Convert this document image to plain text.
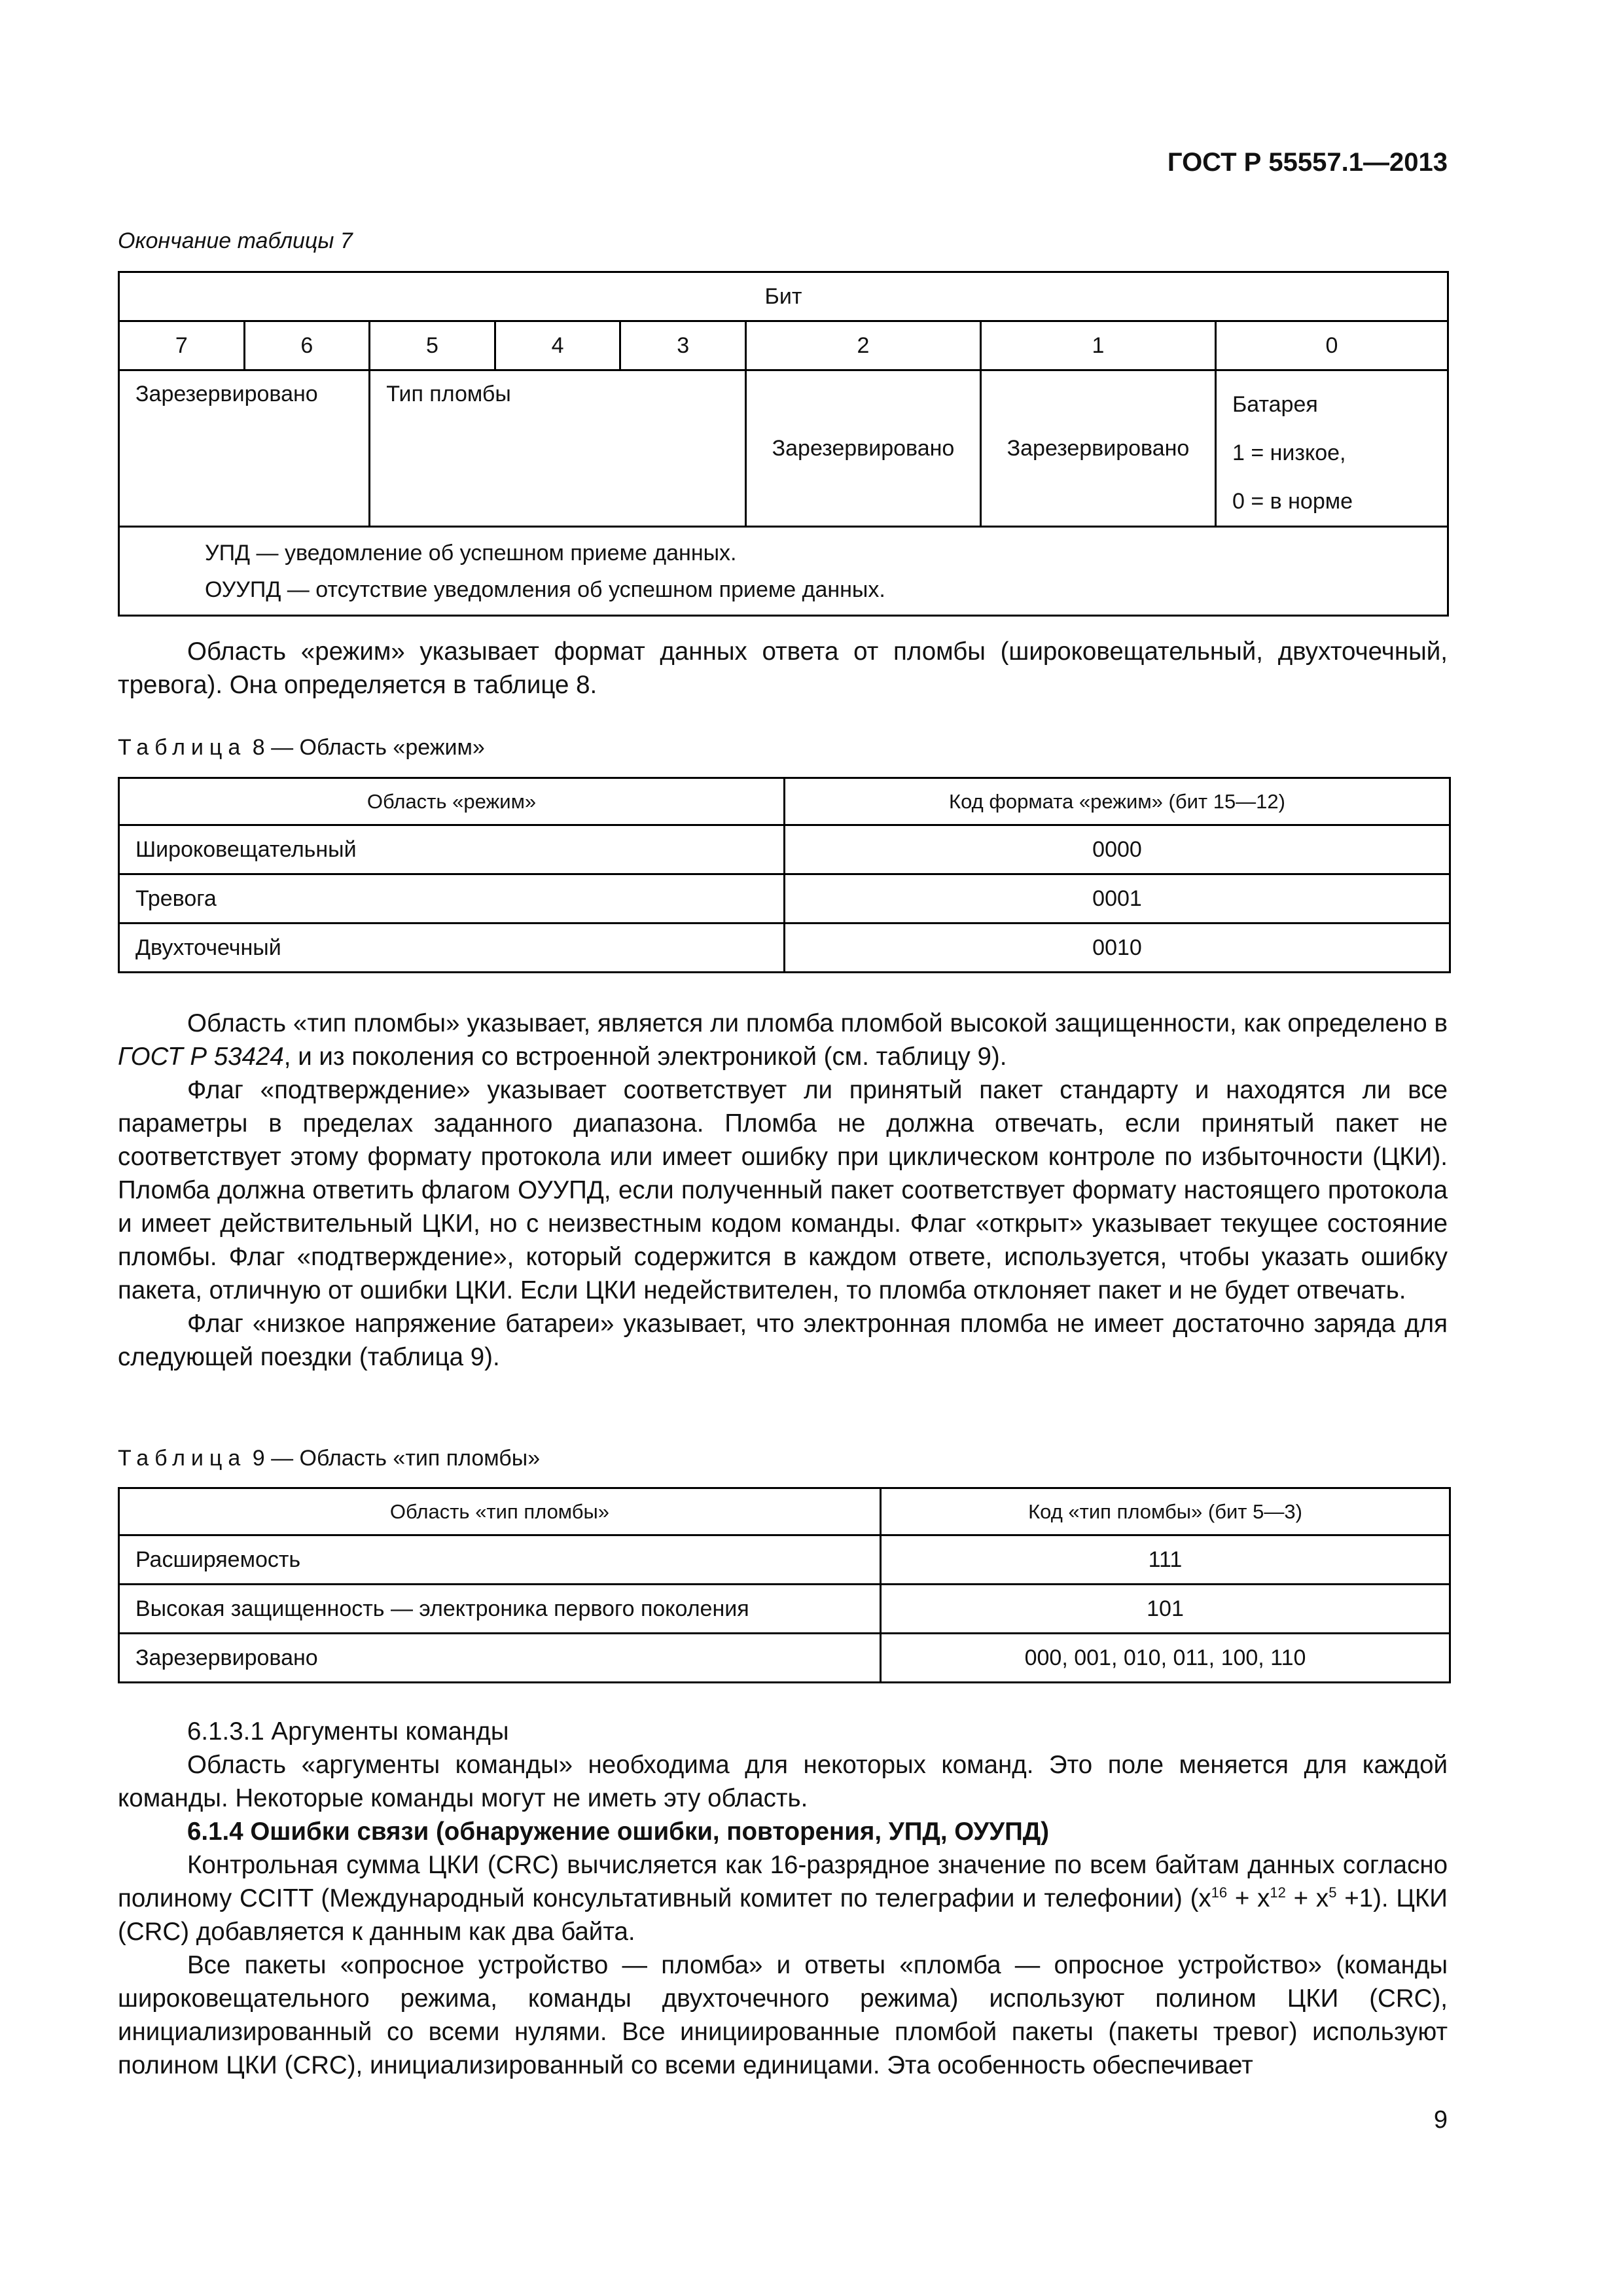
ГОСТ Р 55557.1—2013
Окончание таблицы 7
Бит							
7	6	5	4	3	2	1	0
Зарезервировано		Тип пломбы			Зарезервировано	Зарезервировано	Батарея
1 = низкое,
0 = в норме

УПД — уведомление об успешном приеме данных.
ОУУПД — отсутствие уведомления об успешном приеме данных.							

Область «режим» указывает формат данных ответа от пломбы (широковещательный, двухточечный, тревога). Она определяется в таблице 8.

Таблица 8 — Область «режим»
Область «режим»	Код формата «режим» (бит 15—12)
Широковещательный	0000
Тревога	0001
Двухточечный	0010

Область «тип пломбы» указывает, является ли пломба пломбой высокой защищенности, как определено в ГОСТ Р 53424, и из поколения со встроенной электроникой (см. таблицу 9).

Флаг «подтверждение» указывает соответствует ли принятый пакет стандарту и находятся ли все параметры в пределах заданного диапазона. Пломба не должна отвечать, если принятый пакет не соответствует этому формату протокола или имеет ошибку при циклическом контроле по избыточности (ЦКИ). Пломба должна ответить флагом ОУУПД, если полученный пакет соответствует формату настоящего протокола и имеет действительный ЦКИ, но с неизвестным кодом команды. Флаг «открыт» указывает текущее состояние пломбы. Флаг «подтверждение», который содержится в каждом ответе, используется, чтобы указать ошибку пакета, отличную от ошибки ЦКИ. Если ЦКИ недействителен, то пломба отклоняет пакет и не будет отвечать.

Флаг «низкое напряжение батареи» указывает, что электронная пломба не имеет достаточно заряда для следующей поездки (таблица 9).

Таблица 9 — Область «тип пломбы»
Область «тип пломбы»	Код «тип пломбы» (бит 5—3)
Расширяемость	111
Высокая защищенность — электроника первого поколения	101
Зарезервировано	000, 001, 010, 011, 100, 110

6.1.3.1 Аргументы команды

Область «аргументы команды» необходима для некоторых команд. Это поле меняется для каждой команды. Некоторые команды могут не иметь эту область.

6.1.4 Ошибки связи (обнаружение ошибки, повторения, УПД, ОУУПД)

Контрольная сумма ЦКИ (CRC) вычисляется как 16-разрядное значение по всем байтам данных согласно полиному CCITT (Международный консультативный комитет по телеграфии и телефонии) $(x^{16} + x^{12} + x^5 +1)$. ЦКИ (CRC) добавляется к данным как два байта.

Все пакеты «опросное устройство — пломба» и ответы «пломба — опросное устройство» (команды широковещательного режима, команды двухточечного режима) используют полином ЦКИ (CRC), инициализированный со всеми нулями. Все инициированные пломбой пакеты (пакеты тревог) используют полином ЦКИ (CRC), инициализированный со всеми единицами. Эта особенность обеспечивает

9
